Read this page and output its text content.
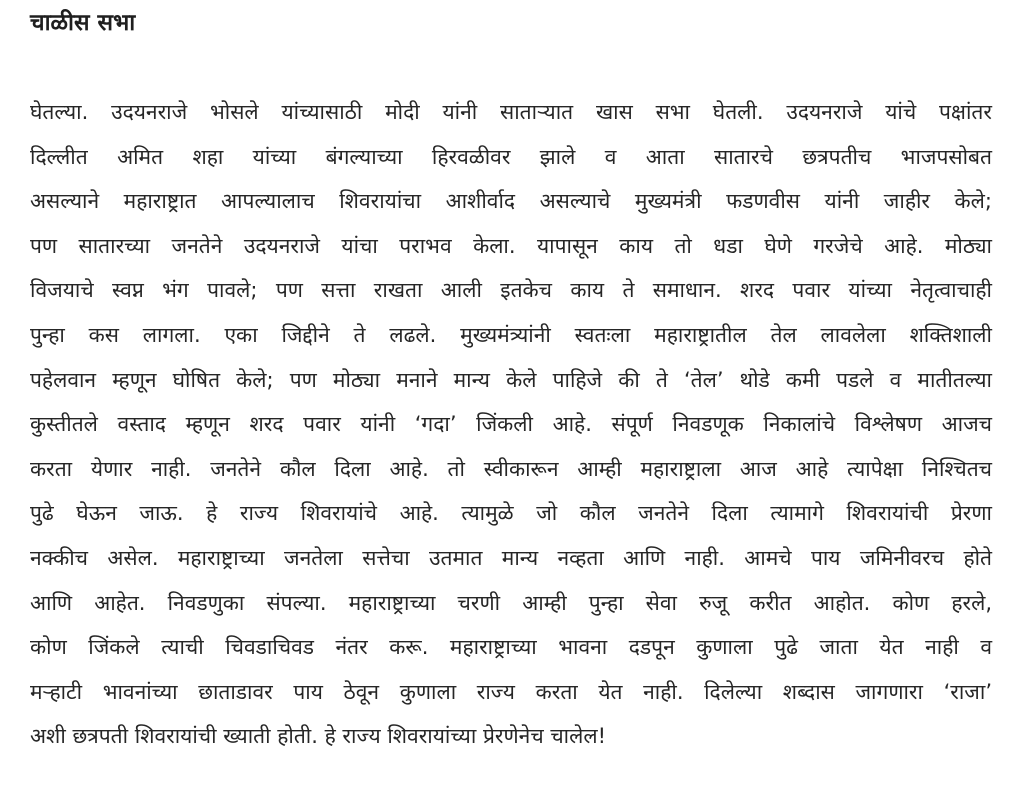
चाळीस सभा

घेतल्या. उदयनराजे भोसले यांच्यासाठी मोदी यांनी साताऱ्यात खास सभा घेतली. उदयनराजे यांचे पक्षांतर
दिल्लीत अमित शहा यांच्या बंगल्याच्या हिरवळीवर झाले व आता सातारचे छत्रपतीच भाजपसोबत
असल्याने महाराष्ट्रात आपल्यालाच शिवरायांचा आशीर्वाद असल्याचे मुख्यमंत्री फडणवीस यांनी जाहीर केले;
पण सातारच्या जनतेने उदयनराजे यांचा पराभव केला. यापासून काय तो धडा घेणे गरजेचे आहे. मोठ्या
विजयाचे स्वप्न भंग पावले; पण सत्ता राखता आली इतकेच काय ते समाधान. शरद पवार यांच्या नेतृत्वाचाही
पुन्हा कस लागला. एका जिद्दीने ते लढले. मुख्यमंत्र्यांनी स्वतःला महाराष्ट्रातील तेल लावलेला शक्तिशाली
पहेलवान म्हणून घोषित केले; पण मोठ्या मनाने मान्य केले पाहिजे की ते ‘तेल’ थोडे कमी पडले व मातीतल्या
कुस्तीतले वस्ताद म्हणून शरद पवार यांनी ‘गदा’ जिंकली आहे. संपूर्ण निवडणूक निकालांचे विश्लेषण आजच
करता येणार नाही. जनतेने कौल दिला आहे. तो स्वीकारून आम्ही महाराष्ट्राला आज आहे त्यापेक्षा निश्चितच
पुढे घेऊन जाऊ. हे राज्य शिवरायांचे आहे. त्यामुळे जो कौल जनतेने दिला त्यामागे शिवरायांची प्रेरणा
नक्कीच असेल. महाराष्ट्राच्या जनतेला सत्तेचा उतमात मान्य नव्हता आणि नाही. आमचे पाय जमिनीवरच होते
आणि आहेत. निवडणुका संपल्या. महाराष्ट्राच्या चरणी आम्ही पुन्हा सेवा रुजू करीत आहोत. कोण हरले,
कोण जिंकले त्याची चिवडाचिवड नंतर करू. महाराष्ट्राच्या भावना दडपून कुणाला पुढे जाता येत नाही व
मऱ्हाटी भावनांच्या छाताडावर पाय ठेवून कुणाला राज्य करता येत नाही. दिलेल्या शब्दास जागणारा ‘राजा’
अशी छत्रपती शिवरायांची ख्याती होती. हे राज्य शिवरायांच्या प्रेरणेनेच चालेल!
